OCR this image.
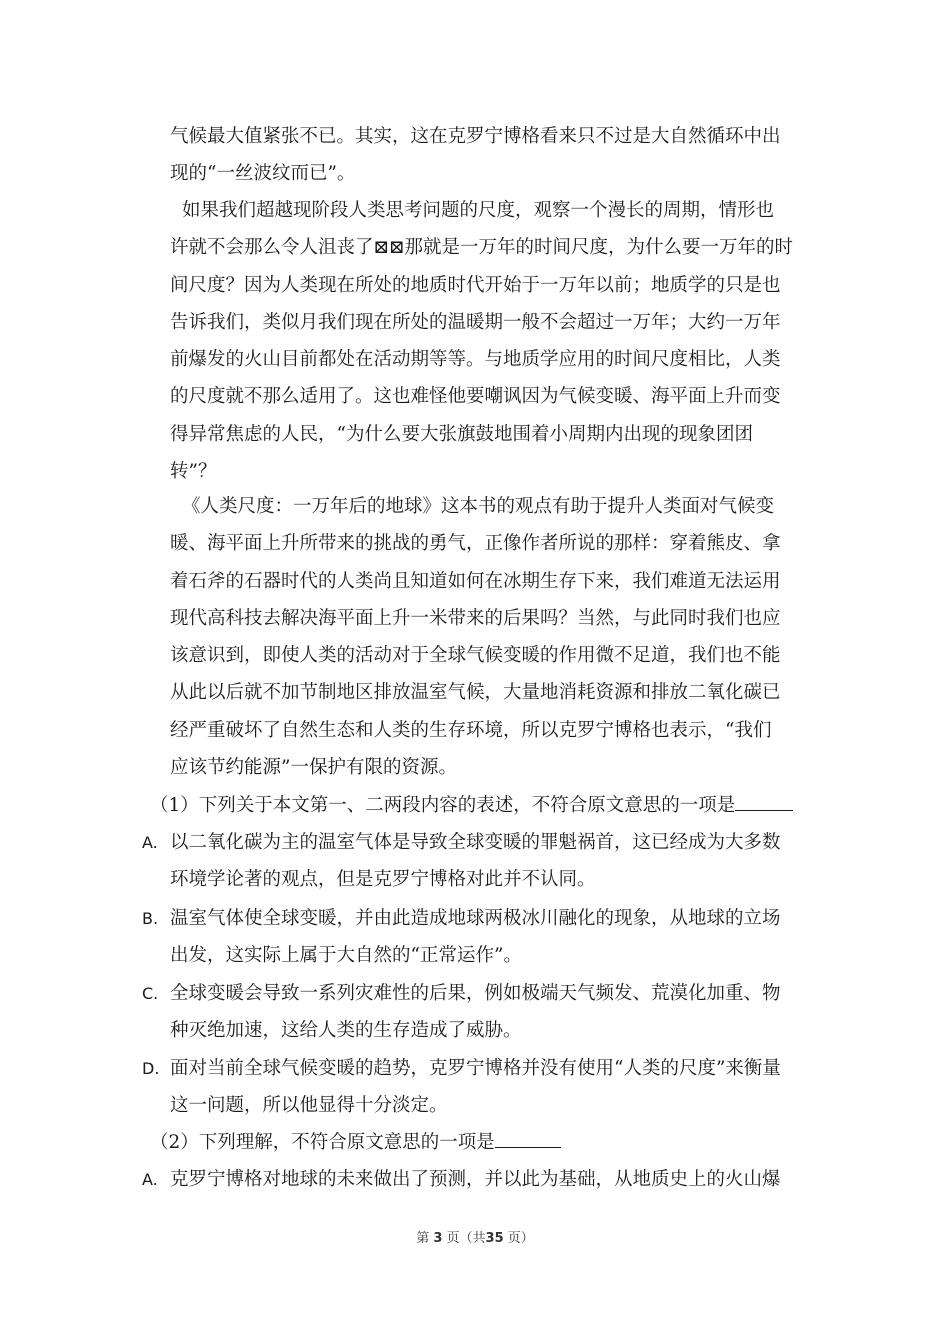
气候最大值紧张不已。其实，这在克罗宁博格看来只不过是大自然循环中出
现的“一丝波纹而已”。

如果我们超越现阶段人类思考问题的尺度，观察一个漫长的周期，情形也
许就不会那么令人沮丧了⊠⊠那就是一万年的时间尺度，为什么要一万年的时
间尺度？因为人类现在所处的地质时代开始于一万年以前；地质学的只是也
告诉我们，类似月我们现在所处的温暖期一般不会超过一万年；大约一万年
前爆发的火山目前都处在活动期等等。与地质学应用的时间尺度相比，人类
的尺度就不那么适用了。这也难怪他要嘲讽因为气候变暖、海平面上升而变
得异常焦虑的人民，“为什么要大张旗鼓地围着小周期内出现的现象团团
转”？

《人类尺度：一万年后的地球》这本书的观点有助于提升人类面对气候变
暖、海平面上升所带来的挑战的勇气，正像作者所说的那样：穿着熊皮、拿
着石斧的石器时代的人类尚且知道如何在冰期生存下来，我们难道无法运用
现代高科技去解决海平面上升一米带来的后果吗？当然，与此同时我们也应
该意识到，即使人类的活动对于全球气候变暖的作用微不足道，我们也不能
从此以后就不加节制地区排放温室气候，大量地消耗资源和排放二氧化碳已
经严重破坏了自然生态和人类的生存环境，所以克罗宁博格也表示，“我们
应该节约能源”一保护有限的资源。

（1）下列关于本文第一、二两段内容的表述，不符合原文意思的一项是

A. 以二氧化碳为主的温室气体是导致全球变暖的罪魁祸首，这已经成为大多数
环境学论著的观点，但是克罗宁博格对此并不认同。
B. 温室气体使全球变暖，并由此造成地球两极冰川融化的现象，从地球的立场
出发，这实际上属于大自然的“正常运作”。
C. 全球变暖会导致一系列灾难性的后果，例如极端天气频发、荒漠化加重、物
种灭绝加速，这给人类的生存造成了威胁。
D. 面对当前全球气候变暖的趋势，克罗宁博格并没有使用“人类的尺度”来衡量
这一问题，所以他显得十分淡定。

（2）下列理解，不符合原文意思的一项是

A. 克罗宁博格对地球的未来做出了预测，并以此为基础，从地质史上的火山爆
第 3 页（共35 页）
